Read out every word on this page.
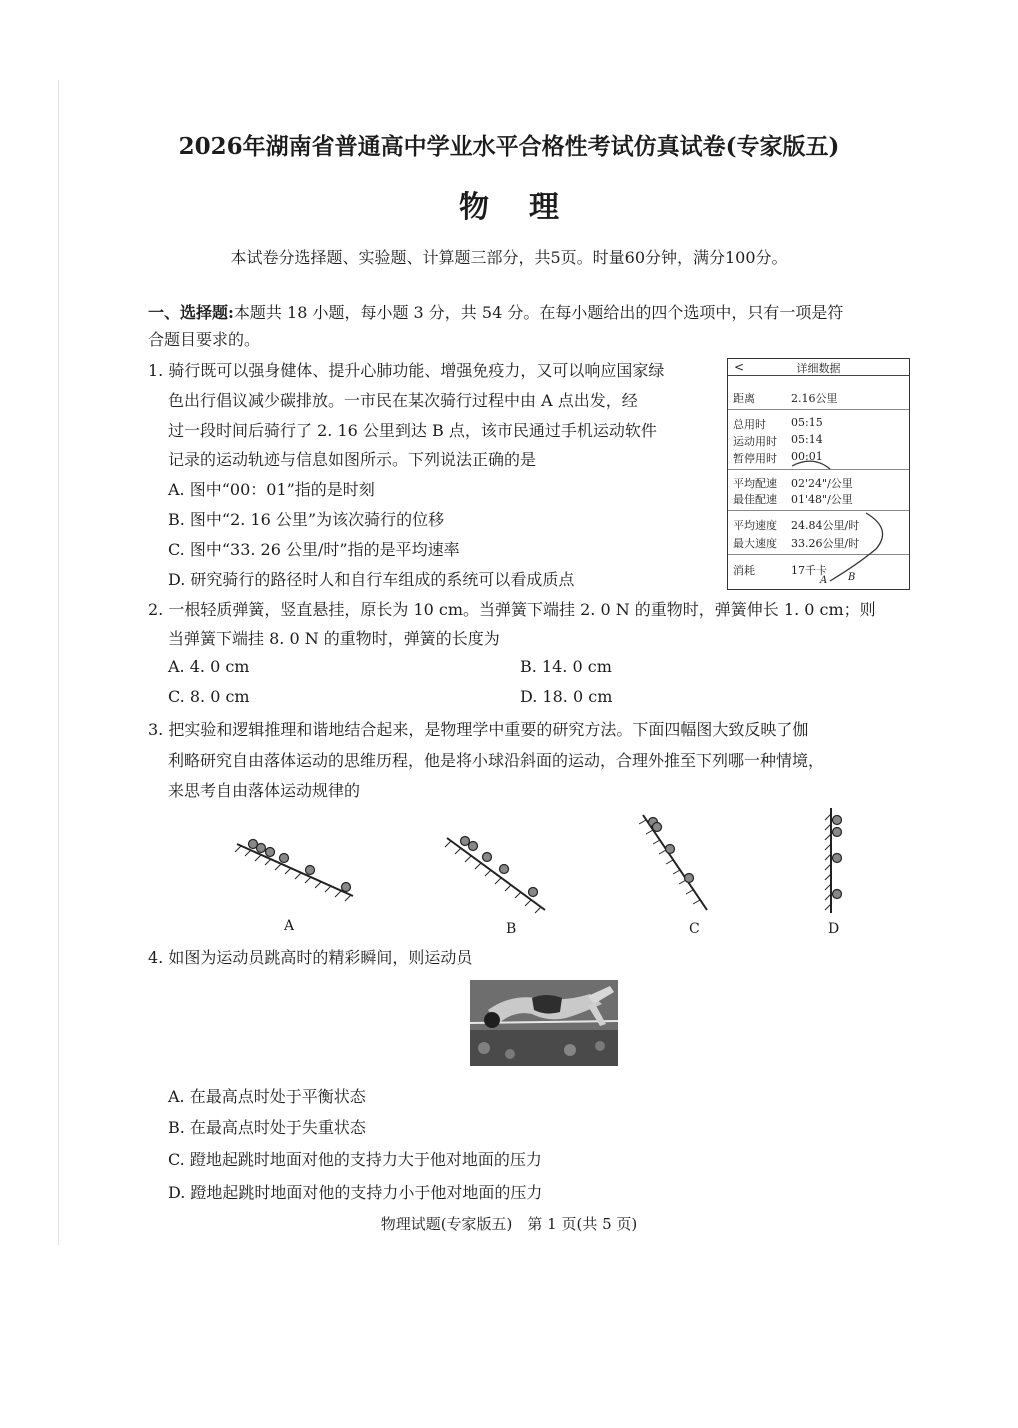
2026年湖南省普通高中学业水平合格性考试仿真试卷(专家版五)
物理
本试卷分选择题、实验题、计算题三部分，共5页。时量60分钟，满分100分。
一、选择题:本题共 18 小题，每小题 3 分，共 54 分。在每小题给出的四个选项中，只有一项是符
合题目要求的。
1. 骑行既可以强身健体、提升心肺功能、增强免疫力，又可以响应国家绿
色出行倡议减少碳排放。一市民在某次骑行过程中由 A 点出发，经
过一段时间后骑行了 2. 16 公里到达 B 点，该市民通过手机运动软件
记录的运动轨迹与信息如图所示。下列说法正确的是
A. 图中“00：01”指的是时刻
B. 图中“2. 16 公里”为该次骑行的位移
C. 图中“33. 26 公里/时”指的是平均速率
D. 研究骑行的路径时人和自行车组成的系统可以看成质点
<	详细数据
距离	2.16公里
总用时 05:15
运动用时 05:14
暂停用时 00:01
平均配速 02'24"/公里
最佳配速 01'48"/公里
平均速度 24.84公里/时
最大速度 33.26公里/时
消耗	17千卡
A B
2. 一根轻质弹簧，竖直悬挂，原长为 10 cm。当弹簧下端挂 2. 0 N 的重物时，弹簧伸长 1. 0 cm；则
当弹簧下端挂 8. 0 N 的重物时，弹簧的长度为
A. 4. 0 cm	B. 14. 0 cm
C. 8. 0 cm	D. 18. 0 cm
3. 把实验和逻辑推理和谐地结合起来，是物理学中重要的研究方法。下面四幅图大致反映了伽
利略研究自由落体运动的思维历程，他是将小球沿斜面的运动，合理外推至下列哪一种情境，
来思考自由落体运动规律的
A	B	C	D
4. 如图为运动员跳高时的精彩瞬间，则运动员
A. 在最高点时处于平衡状态
B. 在最高点时处于失重状态
C. 蹬地起跳时地面对他的支持力大于他对地面的压力
D. 蹬地起跳时地面对他的支持力小于他对地面的压力
物理试题(专家版五)　第 1 页(共 5 页)
